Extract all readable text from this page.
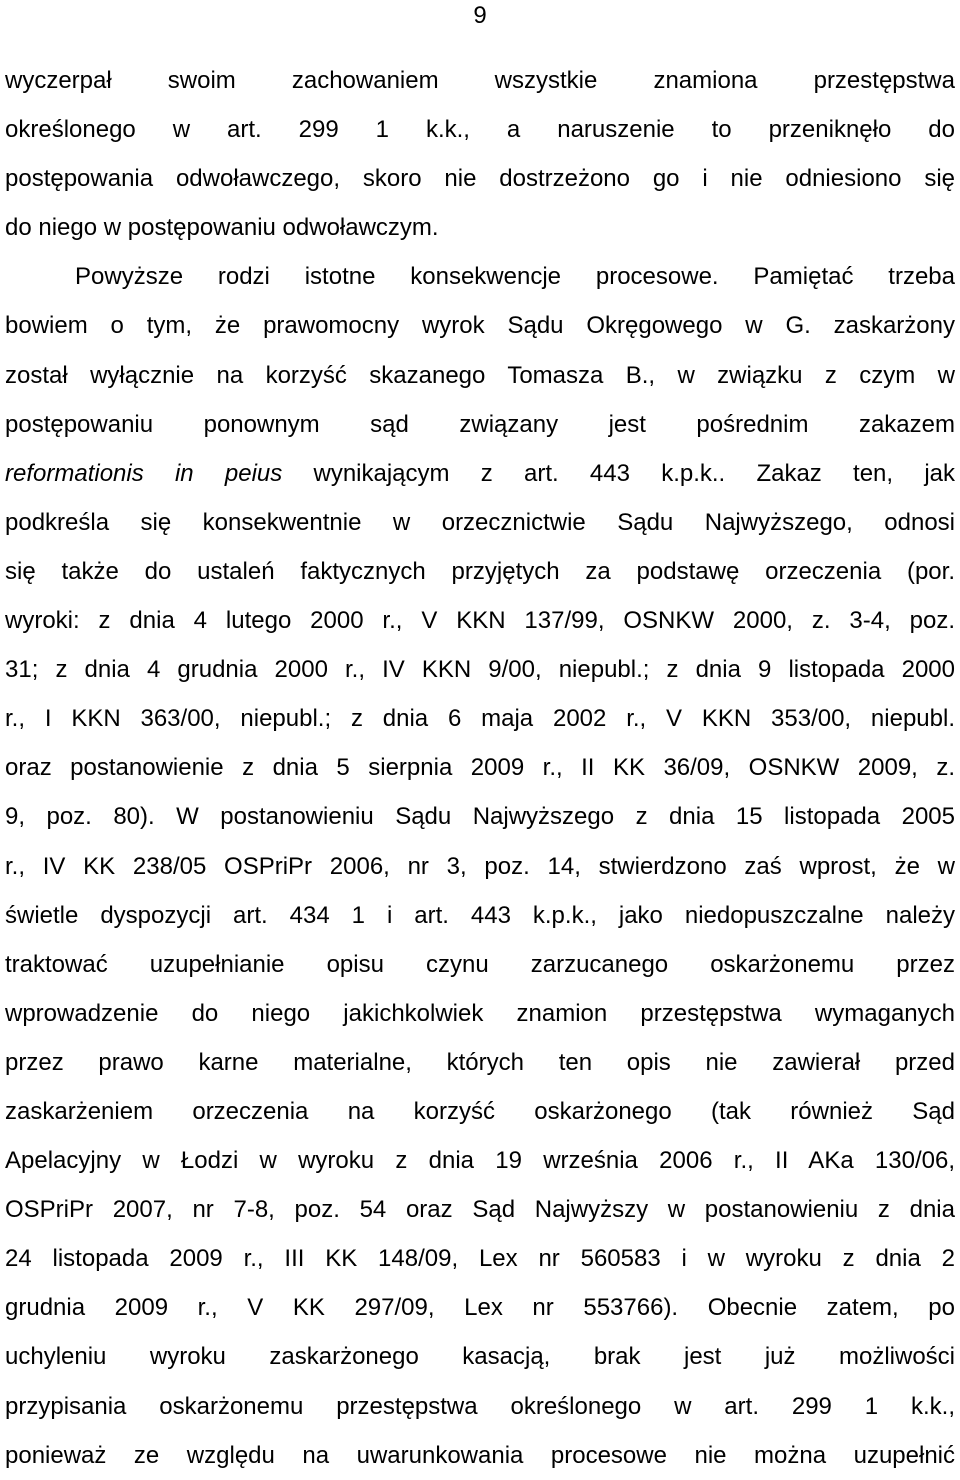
9
wyczerpał swoim zachowaniem wszystkie znamiona przestępstwa
określonego w art. 299 1 k.k., a naruszenie to przeniknęło do
postępowania odwoławczego, skoro nie dostrzeżono go i nie odniesiono się
do niego w postępowaniu odwoławczym.
Powyższe rodzi istotne konsekwencje procesowe. Pamiętać trzeba
bowiem o tym, że prawomocny wyrok Sądu Okręgowego w G. zaskarżony
został wyłącznie na korzyść skazanego Tomasza B., w związku z czym w
postępowaniu ponownym sąd związany jest pośrednim zakazem
reformationis in peius wynikającym z art. 443 k.p.k.. Zakaz ten, jak
podkreśla się konsekwentnie w orzecznictwie Sądu Najwyższego, odnosi
się także do ustaleń faktycznych przyjętych za podstawę orzeczenia (por.
wyroki: z dnia 4 lutego 2000 r., V KKN 137/99, OSNKW 2000, z. 3-4, poz.
31; z dnia 4 grudnia 2000 r., IV KKN 9/00, niepubl.; z dnia 9 listopada 2000
r., I KKN 363/00, niepubl.; z dnia 6 maja 2002 r., V KKN 353/00, niepubl.
oraz postanowienie z dnia 5 sierpnia 2009 r., II KK 36/09, OSNKW 2009, z.
9, poz. 80). W postanowieniu Sądu Najwyższego z dnia 15 listopada 2005
r., IV KK 238/05 OSPriPr 2006, nr 3, poz. 14, stwierdzono zaś wprost, że w
świetle dyspozycji art. 434 1 i art. 443 k.p.k., jako niedopuszczalne należy
traktować uzupełnianie opisu czynu zarzucanego oskarżonemu przez
wprowadzenie do niego jakichkolwiek znamion przestępstwa wymaganych
przez prawo karne materialne, których ten opis nie zawierał przed
zaskarżeniem orzeczenia na korzyść oskarżonego (tak również Sąd
Apelacyjny w Łodzi w wyroku z dnia 19 września 2006 r., II AKa 130/06,
OSPriPr 2007, nr 7-8, poz. 54 oraz Sąd Najwyższy w postanowieniu z dnia
24 listopada 2009 r., III KK 148/09, Lex nr 560583 i w wyroku z dnia 2
grudnia 2009 r., V KK 297/09, Lex nr 553766). Obecnie zatem, po
uchyleniu wyroku zaskarżonego kasacją, brak jest już możliwości
przypisania oskarżonemu przestępstwa określonego w art. 299 1 k.k.,
ponieważ ze względu na uwarunkowania procesowe nie można uzupełnić
